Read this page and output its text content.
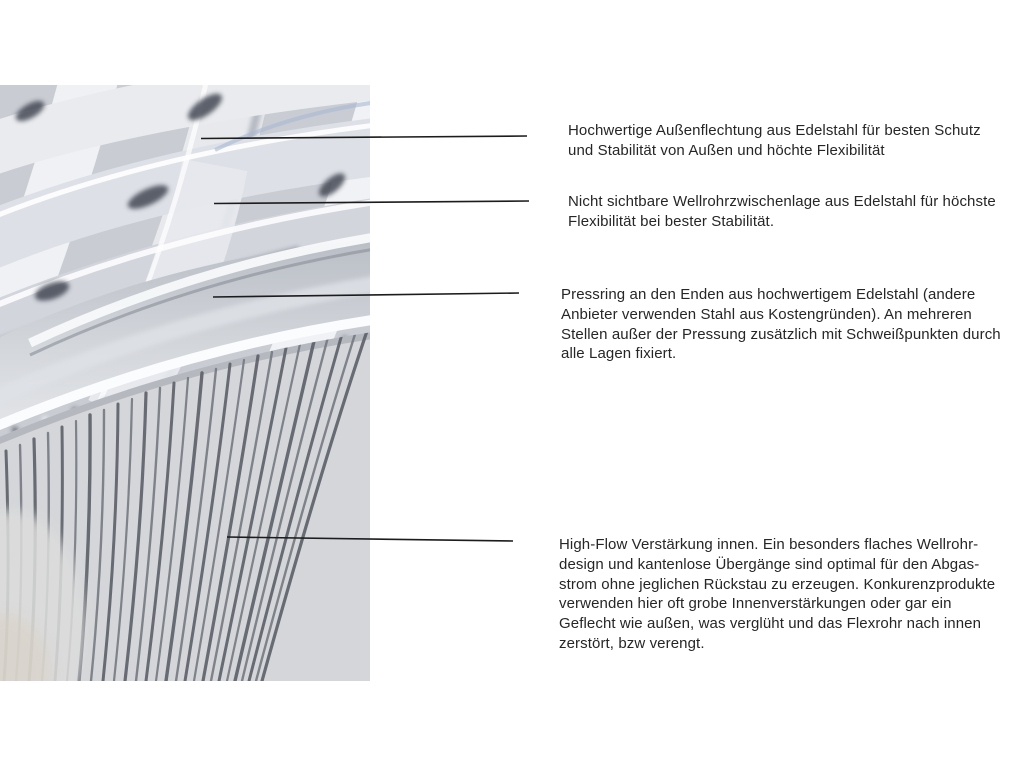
Hochwertige Außenflechtung aus Edelstahl für besten Schutz
und Stabilität von Außen und höchte Flexibilität
Nicht sichtbare Wellrohrzwischenlage aus Edelstahl für höchste
Flexibilität bei bester Stabilität.
Pressring an den Enden aus hochwertigem Edelstahl (andere
Anbieter verwenden Stahl aus Kostengründen). An mehreren
Stellen außer der Pressung zusätzlich mit Schweißpunkten durch
alle Lagen fixiert.
High-Flow Verstärkung innen. Ein besonders flaches Wellrohr-
design und kantenlose Übergänge sind optimal für den Abgas-
strom ohne jeglichen Rückstau zu erzeugen. Konkurenzprodukte
verwenden hier oft grobe Innenverstärkungen oder gar ein
Geflecht wie außen, was verglüht und das Flexrohr nach innen
zerstört, bzw verengt.
